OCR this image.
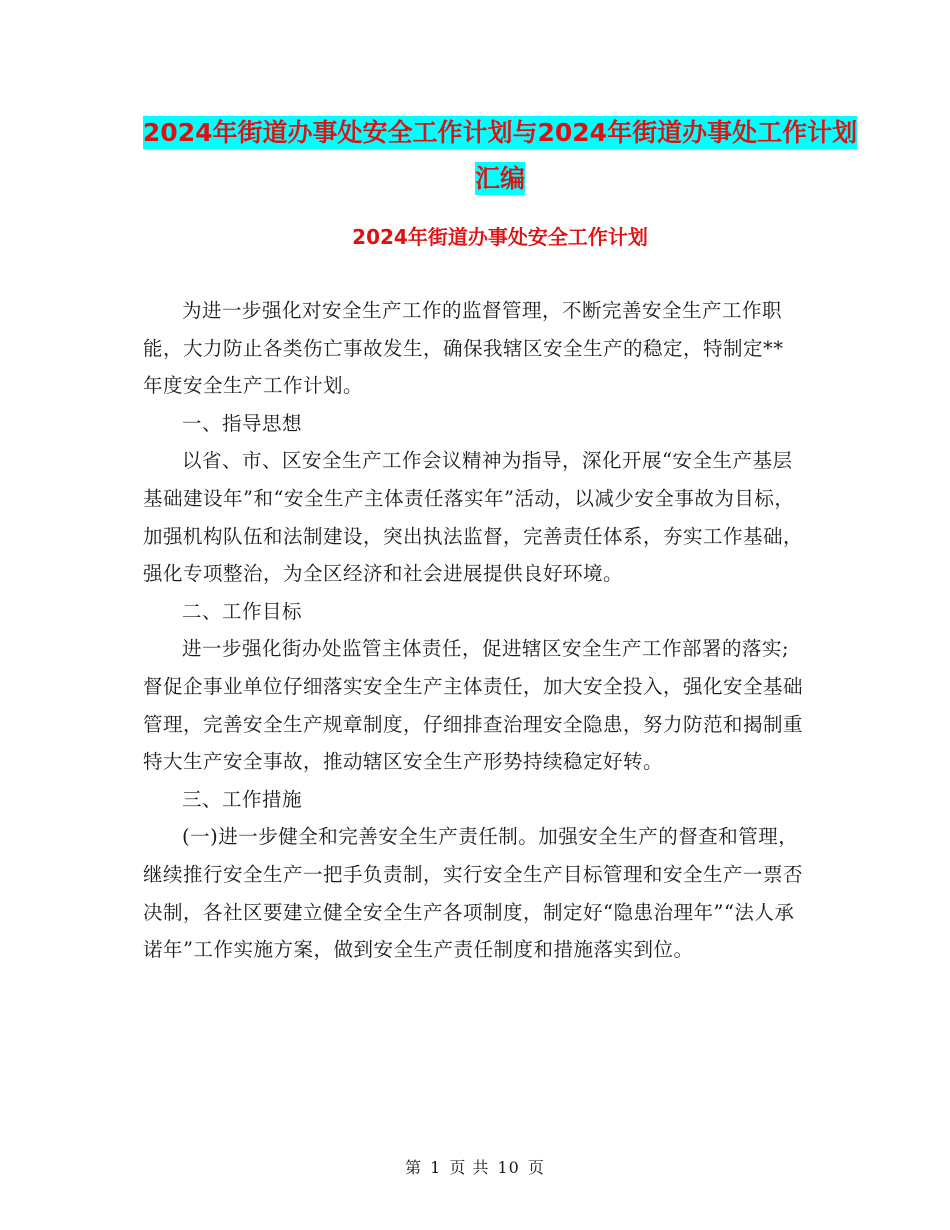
2024年街道办事处安全工作计划与2024年街道办事处工作计划汇编
2024年街道办事处安全工作计划

为进一步强化对安全生产工作的监督管理，不断完善安全生产工作职能，大力防止各类伤亡事故发生，确保我辖区安全生产的稳定，特制定**年度安全生产工作计划。

一、指导思想

以省、市、区安全生产工作会议精神为指导，深化开展“安全生产基层基础建设年”和“安全生产主体责任落实年”活动，以减少安全事故为目标，加强机构队伍和法制建设，突出执法监督，完善责任体系，夯实工作基础，强化专项整治，为全区经济和社会进展提供良好环境。

二、工作目标

进一步强化街办处监管主体责任，促进辖区安全生产工作部署的落实;督促企事业单位仔细落实安全生产主体责任，加大安全投入，强化安全基础管理，完善安全生产规章制度，仔细排查治理安全隐患，努力防范和揭制重特大生产安全事故，推动辖区安全生产形势持续稳定好转。

三、工作措施

(一)进一步健全和完善安全生产责任制。加强安全生产的督查和管理，继续推行安全生产一把手负责制，实行安全生产目标管理和安全生产一票否决制，各社区要建立健全安全生产各项制度，制定好“隐患治理年”“法人承诺年”工作实施方案，做到安全生产责任制度和措施落实到位。

第 1 页 共 10 页
